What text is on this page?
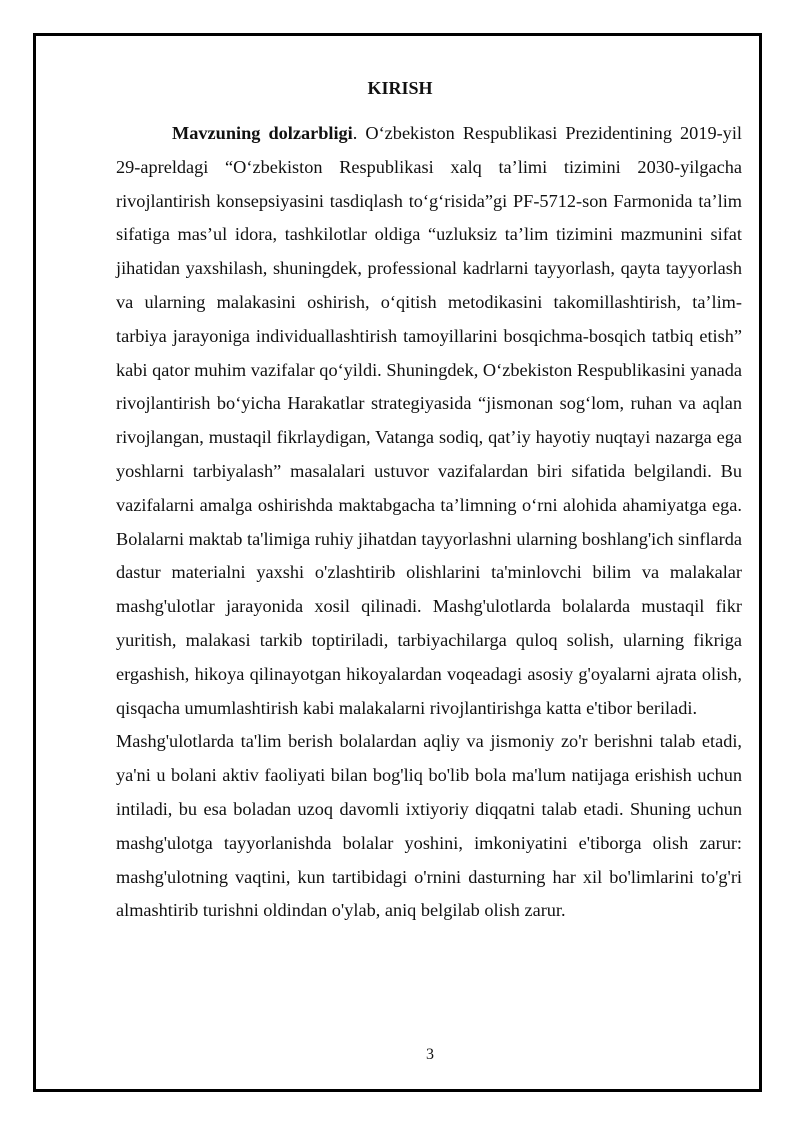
KIRISH

Mavzuning dolzarbligi. O‘zbekiston Respublikasi Prezidentining 2019-yil 29-apreldagi “O‘zbekiston Respublikasi xalq ta’limi tizimini 2030-yilgacha rivojlantirish konsepsiyasini tasdiqlash to‘g‘risida”gi PF-5712-son Farmonida ta’lim sifatiga mas’ul idora, tashkilotlar oldiga “uzluksiz ta’lim tizimini mazmunini sifat jihatidan yaxshilash, shuningdek, professional kadrlarni tayyorlash, qayta tayyorlash va ularning malakasini oshirish, o‘qitish metodikasini takomillashtirish, ta’lim-tarbiya jarayoniga individuallashtirish tamoyillarini bosqichma-bosqich tatbiq etish” kabi qator muhim vazifalar qo‘yildi. Shuningdek, O‘zbekiston Respublikasini yanada rivojlantirish bo‘yicha Harakatlar strategiyasida “jismonan sog‘lom, ruhan va aqlan rivojlangan, mustaqil fikrlaydigan, Vatanga sodiq, qat’iy hayotiy nuqtayi nazarga ega yoshlarni tarbiyalash” masalalari ustuvor vazifalardan biri sifatida belgilandi. Bu vazifalarni amalga oshirishda maktabgacha ta’limning o‘rni alohida ahamiyatga ega. Bolalarni maktab ta'limiga ruhiy jihatdan tayyorlashni ularning boshlang'ich sinflarda dastur materialni yaxshi o'zlashtirib olishlarini ta'minlovchi bilim va malakalar mashg'ulotlar jarayonida xosil qilinadi. Mashg'ulotlarda bolalarda mustaqil fikr yuritish, malakasi tarkib toptiriladi, tarbiyachilarga quloq solish, ularning fikriga ergashish, hikoya qilinayotgan hikoyalardan voqeadagi asosiy g'oyalarni ajrata olish, qisqacha umumlashtirish kabi malakalarni rivojlantirishga katta e'tibor beriladi.

Mashg'ulotlarda ta'lim berish bolalardan aqliy va jismoniy zo'r berishni talab etadi, ya'ni u bolani aktiv faoliyati bilan bog'liq bo'lib bola ma'lum natijaga erishish uchun intiladi, bu esa boladan uzoq davomli ixtiyoriy diqqatni talab etadi. Shuning uchun mashg'ulotga tayyorlanishda bolalar yoshini, imkoniyatini e'tiborga olish zarur: mashg'ulotning vaqtini, kun tartibidagi o'rnini dasturning har xil bo'limlarini to'g'ri almashtirib turishni oldindan o'ylab, aniq belgilab olish zarur.

3
